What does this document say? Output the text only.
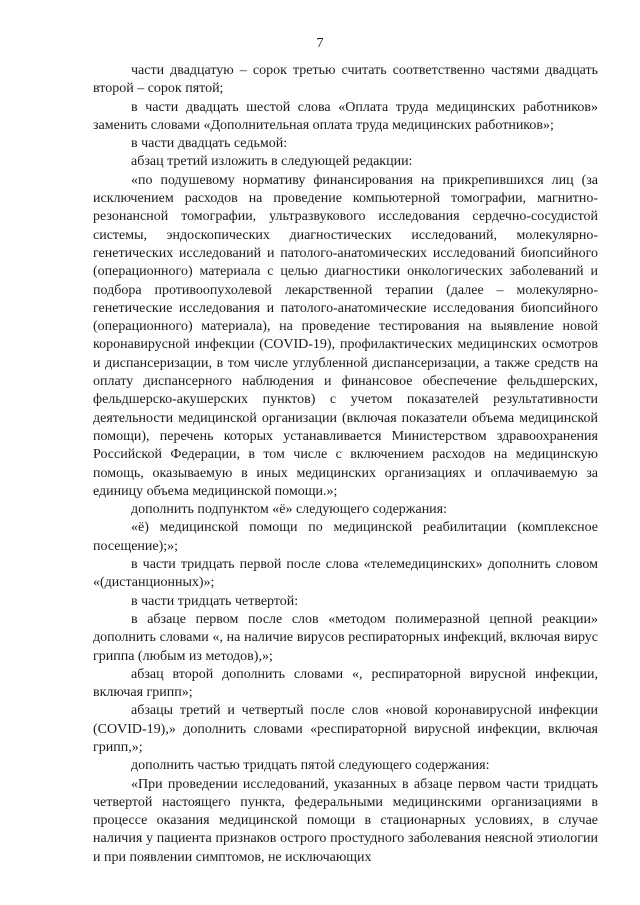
7

части двадцатую – сорок третью считать соответственно частями двадцать второй – сорок пятой;

в части двадцать шестой слова «Оплата труда медицинских работников» заменить словами «Дополнительная оплата труда медицинских работников»;

в части двадцать седьмой:

абзац третий изложить в следующей редакции:

«по подушевому нормативу финансирования на прикрепившихся лиц (за исключением расходов на проведение компьютерной томографии, магнитно-резонансной томографии, ультразвукового исследования сердечно-сосудистой системы, эндоскопических диагностических исследований, молекулярно-генетических исследований и патолого-анатомических исследований биопсийного (операционного) материала с целью диагностики онкологических заболеваний и подбора противоопухолевой лекарственной терапии (далее – молекулярно-генетические исследования и патолого-анатомические исследования биопсийного (операционного) материала), на проведение тестирования на выявление новой коронавирусной инфекции (COVID-19), профилактических медицинских осмотров и диспансеризации, в том числе углубленной диспансеризации, а также средств на оплату диспансерного наблюдения и финансовое обеспечение фельдшерских, фельдшерско-акушерских пунктов) с учетом показателей результативности деятельности медицинской организации (включая показатели объема медицинской помощи), перечень которых устанавливается Министерством здравоохранения Российской Федерации, в том числе с включением расходов на медицинскую помощь, оказываемую в иных медицинских организациях и оплачиваемую за единицу объема медицинской помощи.»;

дополнить подпунктом «ё» следующего содержания:

«ё) медицинской помощи по медицинской реабилитации (комплексное посещение);»;

в части тридцать первой после слова «телемедицинских» дополнить словом «(дистанционных)»;

в части тридцать четвертой:

в абзаце первом после слов «методом полимеразной цепной реакции» дополнить словами «, на наличие вирусов респираторных инфекций, включая вирус гриппа (любым из методов),»;

абзац второй дополнить словами «, респираторной вирусной инфекции, включая грипп»;

абзацы третий и четвертый после слов «новой коронавирусной инфекции (COVID-19),» дополнить словами «респираторной вирусной инфекции, включая грипп,»;

дополнить частью тридцать пятой следующего содержания:

«При проведении исследований, указанных в абзаце первом части тридцать четвертой настоящего пункта, федеральными медицинскими организациями в процессе оказания медицинской помощи в стационарных условиях, в случае наличия у пациента признаков острого простудного заболевания неясной этиологии и при появлении симптомов, не исключающих
